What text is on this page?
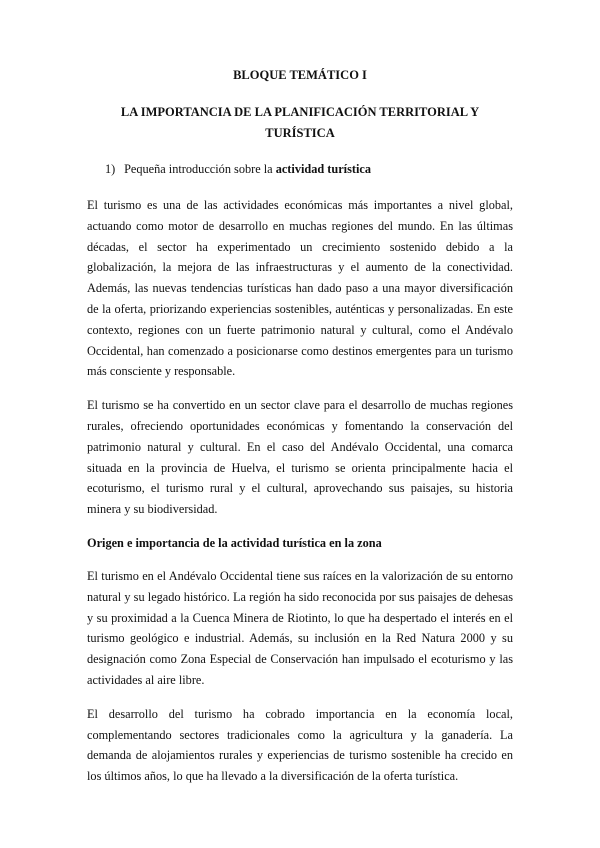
BLOQUE TEMÁTICO I
LA IMPORTANCIA DE LA PLANIFICACIÓN TERRITORIAL Y TURÍSTICA
1) Pequeña introducción sobre la actividad turística

El turismo es una de las actividades económicas más importantes a nivel global, actuando como motor de desarrollo en muchas regiones del mundo. En las últimas décadas, el sector ha experimentado un crecimiento sostenido debido a la globalización, la mejora de las infraestructuras y el aumento de la conectividad. Además, las nuevas tendencias turísticas han dado paso a una mayor diversificación de la oferta, priorizando experiencias sostenibles, auténticas y personalizadas. En este contexto, regiones con un fuerte patrimonio natural y cultural, como el Andévalo Occidental, han comenzado a posicionarse como destinos emergentes para un turismo más consciente y responsable.

El turismo se ha convertido en un sector clave para el desarrollo de muchas regiones rurales, ofreciendo oportunidades económicas y fomentando la conservación del patrimonio natural y cultural. En el caso del Andévalo Occidental, una comarca situada en la provincia de Huelva, el turismo se orienta principalmente hacia el ecoturismo, el turismo rural y el cultural, aprovechando sus paisajes, su historia minera y su biodiversidad.

Origen e importancia de la actividad turística en la zona

El turismo en el Andévalo Occidental tiene sus raíces en la valorización de su entorno natural y su legado histórico. La región ha sido reconocida por sus paisajes de dehesas y su proximidad a la Cuenca Minera de Riotinto, lo que ha despertado el interés en el turismo geológico e industrial. Además, su inclusión en la Red Natura 2000 y su designación como Zona Especial de Conservación han impulsado el ecoturismo y las actividades al aire libre.

El desarrollo del turismo ha cobrado importancia en la economía local, complementando sectores tradicionales como la agricultura y la ganadería. La demanda de alojamientos rurales y experiencias de turismo sostenible ha crecido en los últimos años, lo que ha llevado a la diversificación de la oferta turística.
